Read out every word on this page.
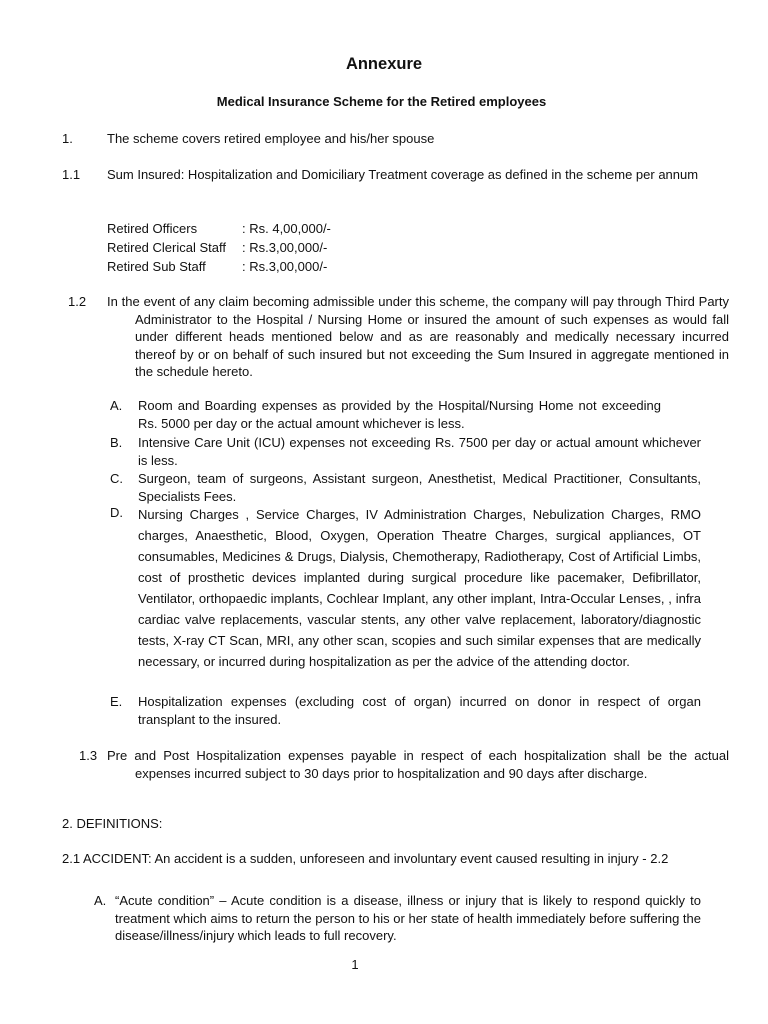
Annexure
Medical Insurance Scheme for the Retired employees
1.	The scheme covers retired employee and his/her spouse
1.1 Sum Insured: Hospitalization and Domiciliary Treatment coverage as defined in the scheme per annum
Retired Officers	: Rs. 4,00,000/-
Retired Clerical Staff : Rs.3,00,000/-
Retired Sub Staff	: Rs.3,00,000/-
1.2 In the event of any claim becoming admissible under this scheme, the company will pay through Third Party Administrator to the Hospital / Nursing Home or insured the amount of such expenses as would fall under different heads mentioned below and as are reasonably and medically necessary incurred thereof by or on behalf of such insured but not exceeding the Sum Insured in aggregate mentioned in the schedule hereto.
A. Room and Boarding expenses as provided by the Hospital/Nursing Home not exceeding Rs. 5000 per day or the actual amount whichever is less.
B. Intensive Care Unit (ICU) expenses not exceeding Rs. 7500 per day or actual amount whichever is less.
C. Surgeon, team of surgeons, Assistant surgeon, Anesthetist, Medical Practitioner, Consultants, Specialists Fees.
D. Nursing Charges , Service Charges, IV Administration Charges, Nebulization Charges, RMO charges, Anaesthetic, Blood, Oxygen, Operation Theatre Charges, surgical appliances, OT consumables, Medicines & Drugs, Dialysis, Chemotherapy, Radiotherapy, Cost of Artificial Limbs, cost of prosthetic devices implanted during surgical procedure like pacemaker, Defibrillator, Ventilator, orthopaedic implants, Cochlear Implant, any other implant, Intra-Occular Lenses, , infra cardiac valve replacements, vascular stents, any other valve replacement, laboratory/diagnostic tests, X-ray CT Scan, MRI, any other scan, scopies and such similar expenses that are medically necessary, or incurred during hospitalization as per the advice of the attending doctor.
E. Hospitalization expenses (excluding cost of organ) incurred on donor in respect of organ transplant to the insured.
1.3 Pre and Post Hospitalization expenses payable in respect of each hospitalization shall be the actual expenses incurred subject to 30 days prior to hospitalization and 90 days after discharge.
2. DEFINITIONS:
2.1 ACCIDENT: An accident is a sudden, unforeseen and involuntary event caused resulting in injury - 2.2
A. “Acute condition” – Acute condition is a disease, illness or injury that is likely to respond quickly to treatment which aims to return the person to his or her state of health immediately before suffering the disease/illness/injury which leads to full recovery.
1
